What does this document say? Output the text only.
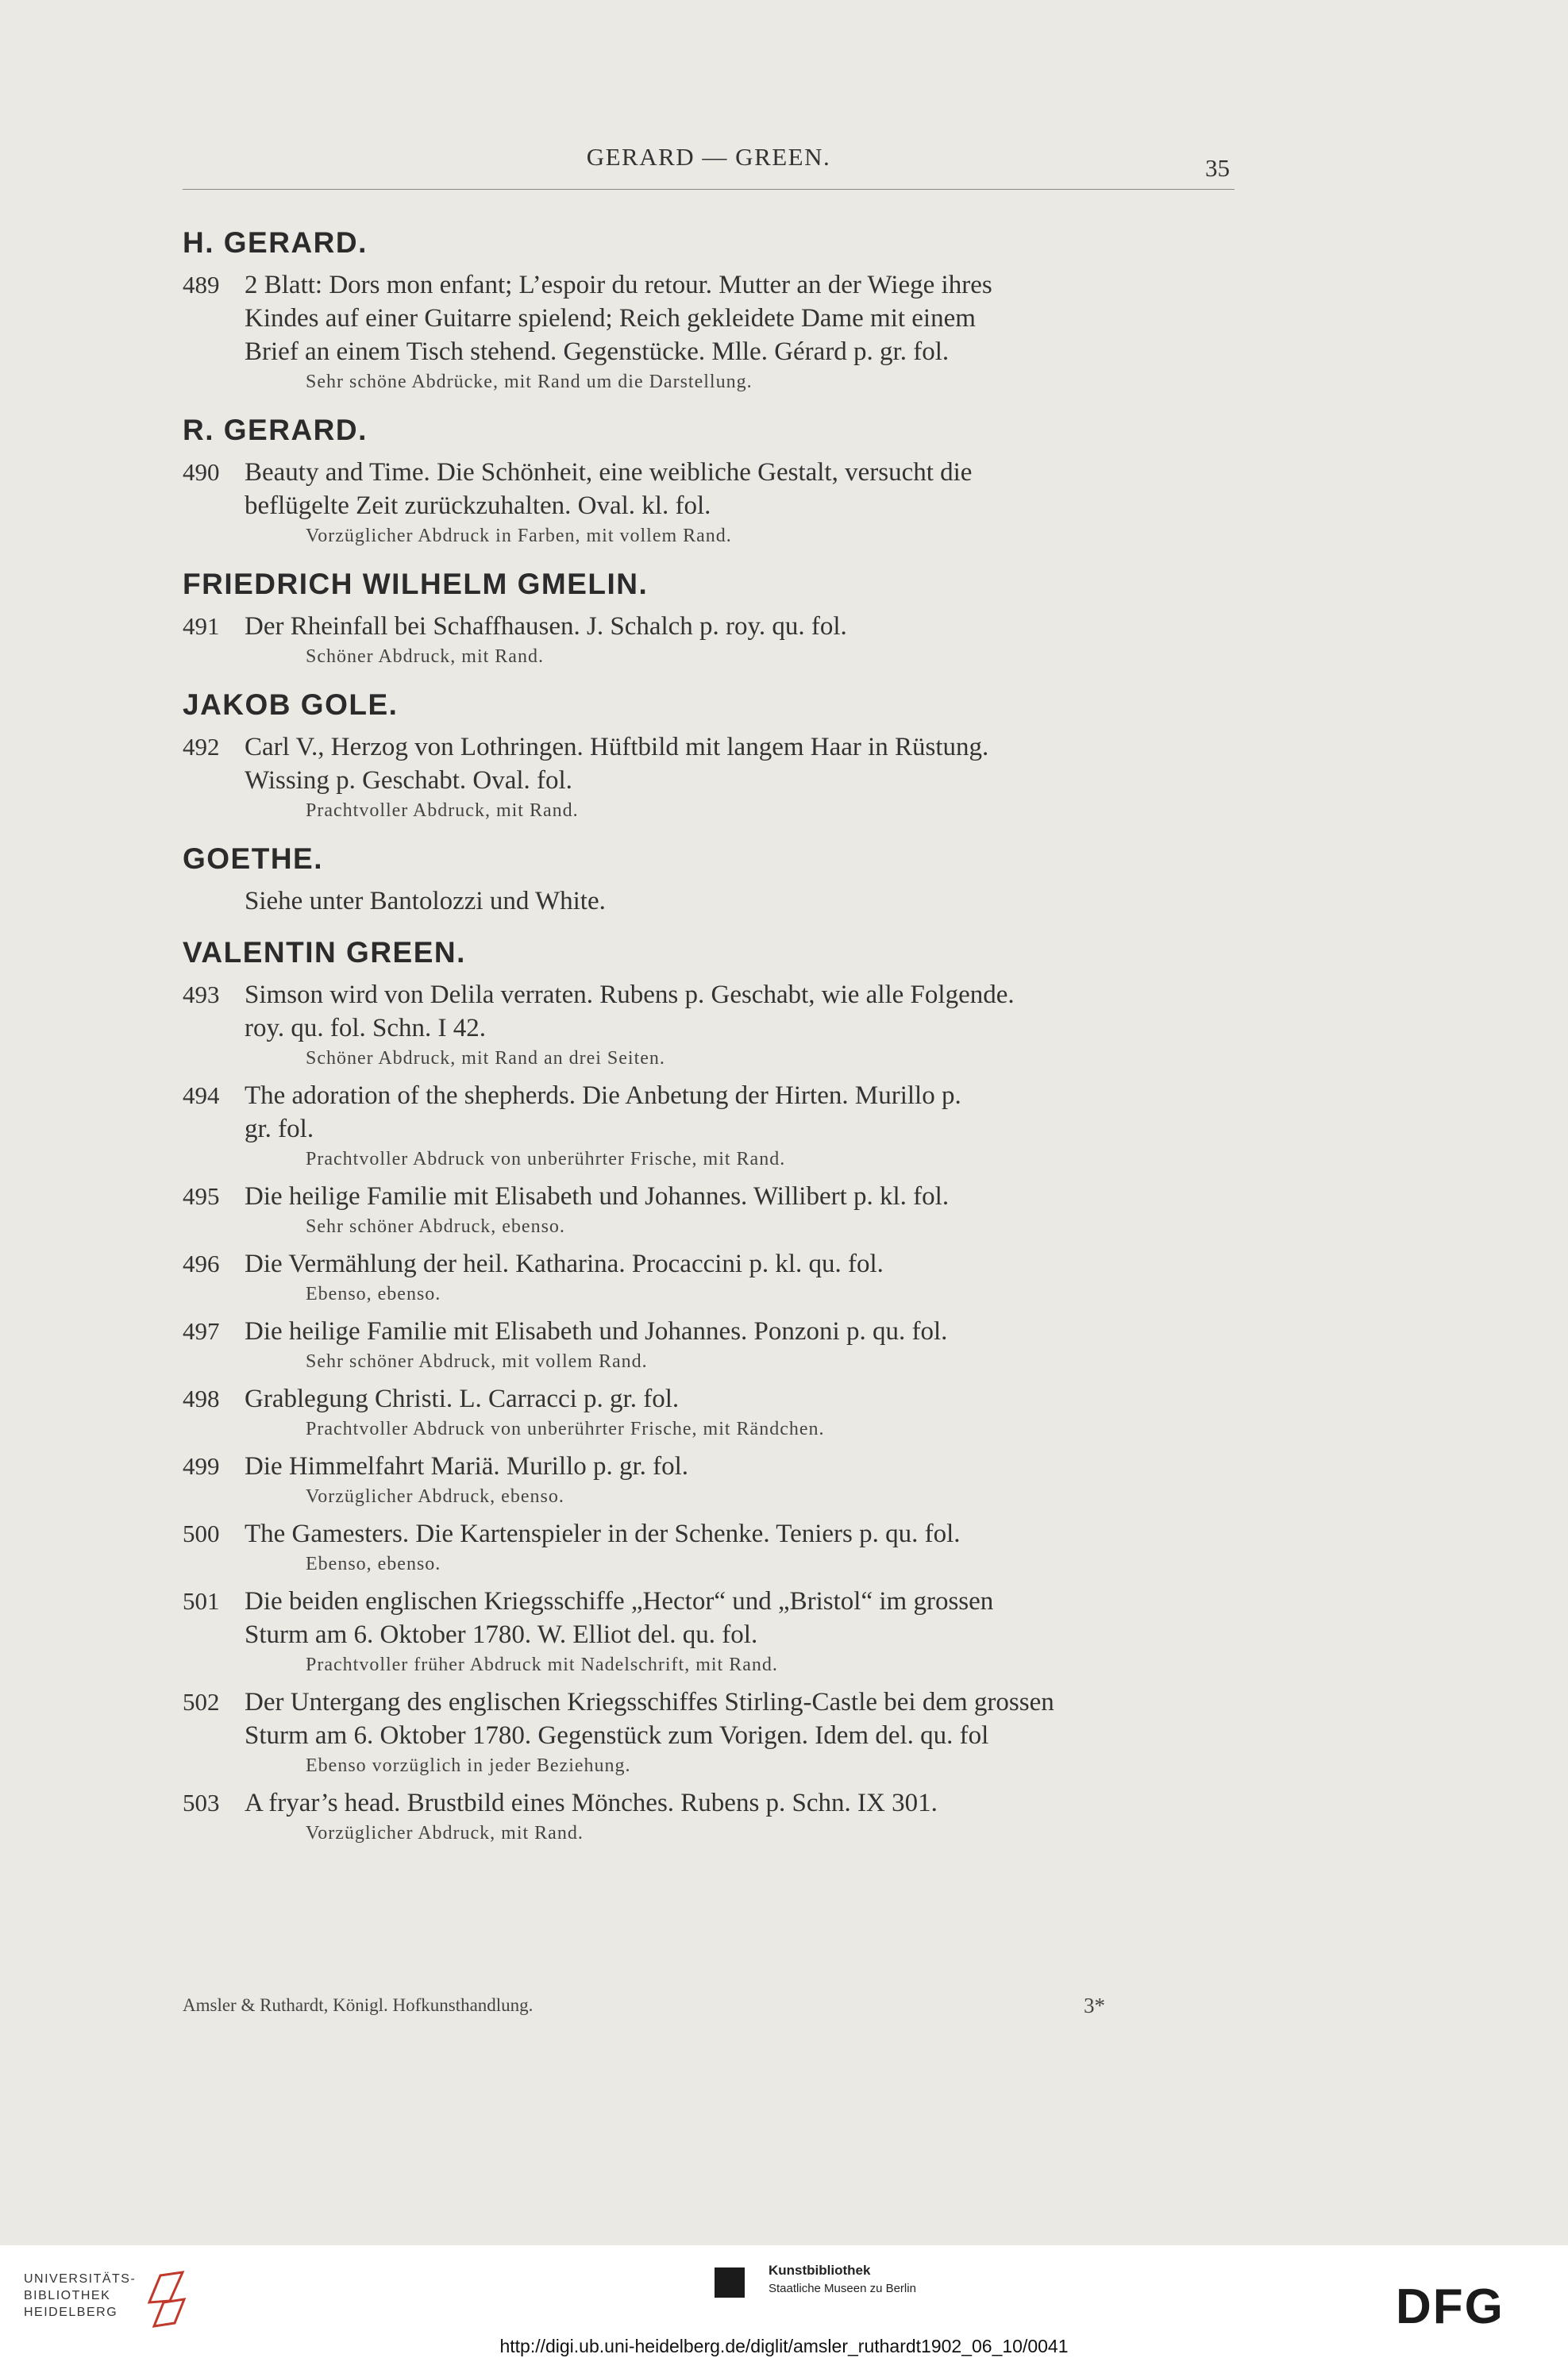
GERARD — GREEN.	35
H. GERARD.
489 2 Blatt: Dors mon enfant; L’espoir du retour. Mutter an der Wiege ihres
Kindes auf einer Guitarre spielend; Reich gekleidete Dame mit einem
Brief an einem Tisch stehend. Gegenstücke. Mlle. Gérard p. gr. fol.
Sehr schöne Abdrücke, mit Rand um die Darstellung.
R. GERARD.
490 Beauty and Time. Die Schönheit, eine weibliche Gestalt, versucht die
beflügelte Zeit zurückzuhalten. Oval. kl. fol.
Vorzüglicher Abdruck in Farben, mit vollem Rand.
FRIEDRICH WILHELM GMELIN.
491 Der Rheinfall bei Schaffhausen. J. Schalch p. roy. qu. fol.
Schöner Abdruck, mit Rand.
JAKOB GOLE.
492 Carl V., Herzog von Lothringen. Hüftbild mit langem Haar in Rüstung.
Wissing p. Geschabt. Oval. fol.
Prachtvoller Abdruck, mit Rand.
GOETHE.
Siehe unter Bantolozzi und White.
VALENTIN GREEN.
493 Simson wird von Delila verraten. Rubens p. Geschabt, wie alle Folgende.
roy. qu. fol. Schn. I 42.
Schöner Abdruck, mit Rand an drei Seiten.
494 The adoration of the shepherds. Die Anbetung der Hirten. Murillo p.
gr. fol.
Prachtvoller Abdruck von unberührter Frische, mit Rand.
495 Die heilige Familie mit Elisabeth und Johannes. Willibert p. kl. fol.
Sehr schöner Abdruck, ebenso.
496 Die Vermählung der heil. Katharina. Procaccini p. kl. qu. fol.
Ebenso, ebenso.
497 Die heilige Familie mit Elisabeth und Johannes. Ponzoni p. qu. fol.
Sehr schöner Abdruck, mit vollem Rand.
498 Grablegung Christi. L. Carracci p. gr. fol.
Prachtvoller Abdruck von unberührter Frische, mit Rändchen.
499 Die Himmelfahrt Mariä. Murillo p. gr. fol.
Vorzüglicher Abdruck, ebenso.
500 The Gamesters. Die Kartenspieler in der Schenke. Teniers p. qu. fol.
Ebenso, ebenso.
501 Die beiden englischen Kriegsschiffe „Hector“ und „Bristol“ im grossen
Sturm am 6. Oktober 1780. W. Elliot del. qu. fol.
Prachtvoller früher Abdruck mit Nadelschrift, mit Rand.
502 Der Untergang des englischen Kriegsschiffes Stirling-Castle bei dem grossen
Sturm am 6. Oktober 1780. Gegenstück zum Vorigen. Idem del. qu. fol
Ebenso vorzüglich in jeder Beziehung.
503 A fryar’s head. Brustbild eines Mönches. Rubens p. Schn. IX 301.
Vorzüglicher Abdruck, mit Rand.
Amsler & Ruthardt, Königl. Hofkunsthandlung.	3*
UNIVERSITÄTS-
BIBLIOTHEK
HEIDELBERG
Kunstbibliothek
Staatliche Museen zu Berlin	DFG
http://digi.ub.uni-heidelberg.de/diglit/amsler_ruthardt1902_06_10/0041
